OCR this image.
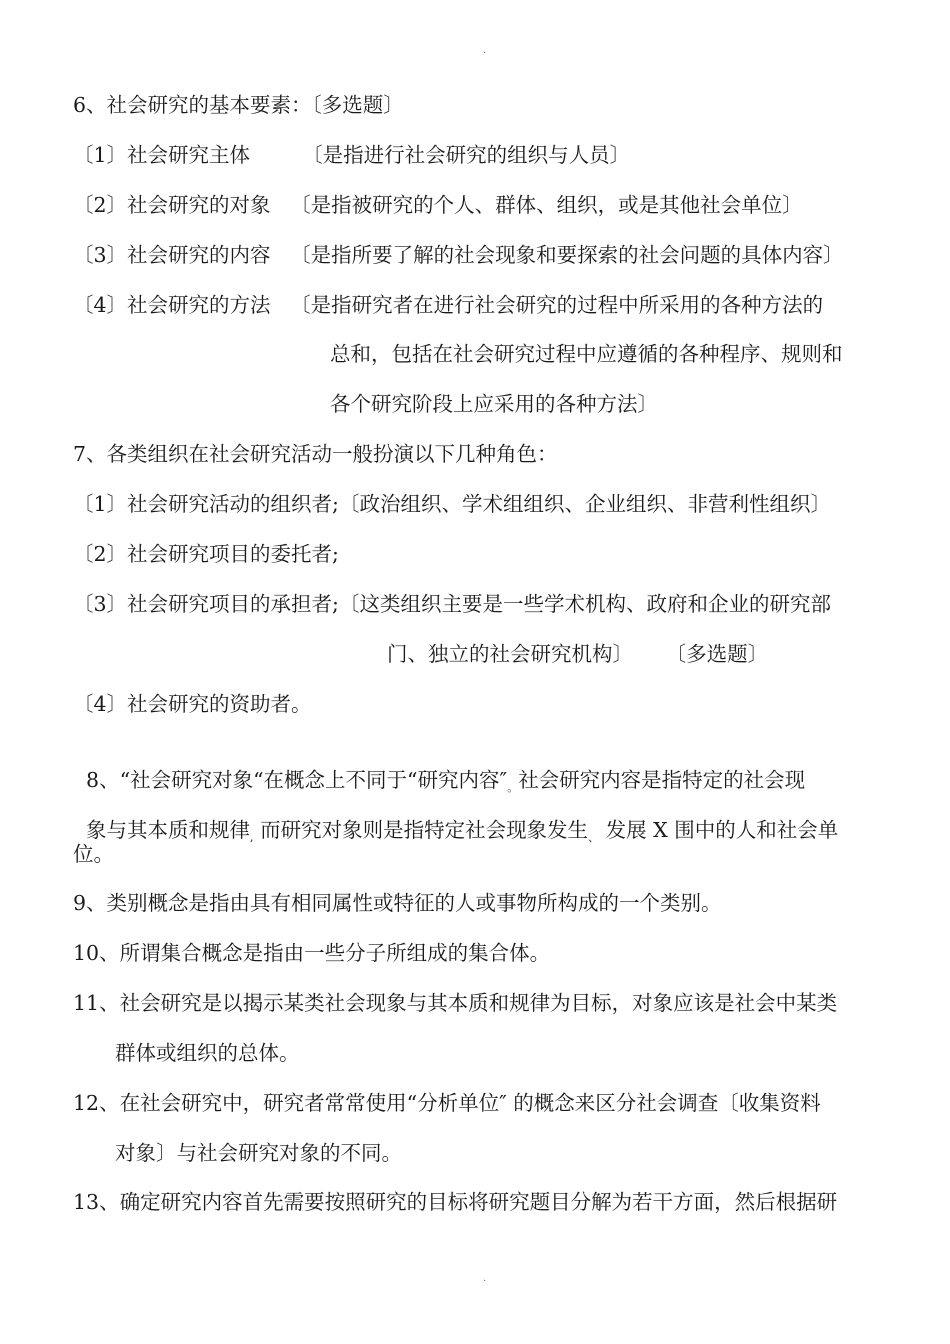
·
6、社会研究的基本要素：〔多选题〕
〔1〕社会研究主体        〔是指进行社会研究的组织与人员〕
〔2〕社会研究的对象   〔是指被研究的个人、群体、组织，或是其他社会单位〕
〔3〕社会研究的内容   〔是指所要了解的社会现象和要探索的社会问题的具体内容〕
〔4〕社会研究的方法   〔是指研究者在进行社会研究的过程中所采用的各种方法的
总和，包括在社会研究过程中应遵循的各种程序、规则和
各个研究阶段上应采用的各种方法〕
7、各类组织在社会研究活动一般扮演以下几种角色：
〔1〕社会研究活动的组织者;〔政治组织、学术组组织、企业组织、非营利性组织〕
〔2〕社会研究项目的委托者;
〔3〕社会研究项目的承担者;〔这类组织主要是一些学术机构、政府和企业的研究部
门、独立的社会研究机构〕     〔多选题〕
〔4〕社会研究的资助者。

8、“社会研究对象“在概念上不同于“研究内容″。社会研究内容是指特定的社会现

象与其本质和规律, 而研究对象则是指特定社会现象发生、 发展 X 围中的人和社会单

位。
9、类别概念是指由具有相同属性或特征的人或事物所构成的一个类别。
10、所谓集合概念是指由一些分子所组成的集合体。
11、社会研究是以揭示某类社会现象与其本质和规律为目标，对象应该是社会中某类
群体或组织的总体。
12、在社会研究中，研究者常常使用“分析单位″ 的概念来区分社会调查〔收集资料
对象〕与社会研究对象的不同。
13、确定研究内容首先需要按照研究的目标将研究题目分解为若干方面，然后根据研
·
